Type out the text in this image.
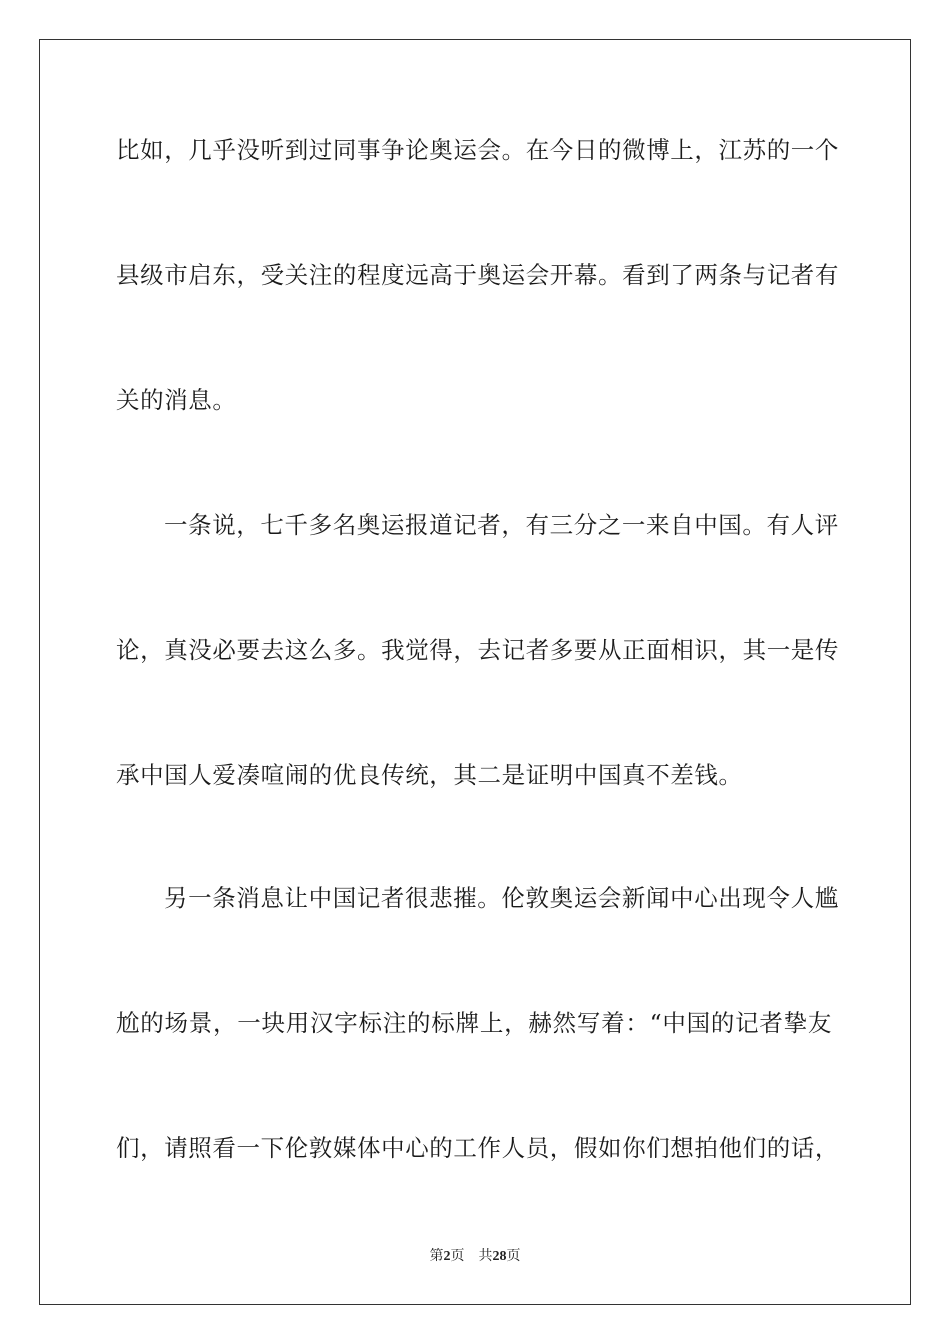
比如，几乎没听到过同事争论奥运会。在今日的微博上，江苏的一个
县级市启东，受关注的程度远高于奥运会开幕。看到了两条与记者有
关的消息。
一条说，七千多名奥运报道记者，有三分之一来自中国。有人评
论，真没必要去这么多。我觉得，去记者多要从正面相识，其一是传
承中国人爱凑喧闹的优良传统，其二是证明中国真不差钱。
另一条消息让中国记者很悲摧。伦敦奥运会新闻中心出现令人尴
尬的场景，一块用汉字标注的标牌上，赫然写着：“中国的记者挚友
们，请照看一下伦敦媒体中心的工作人员，假如你们想拍他们的话，
第2页 共28页
